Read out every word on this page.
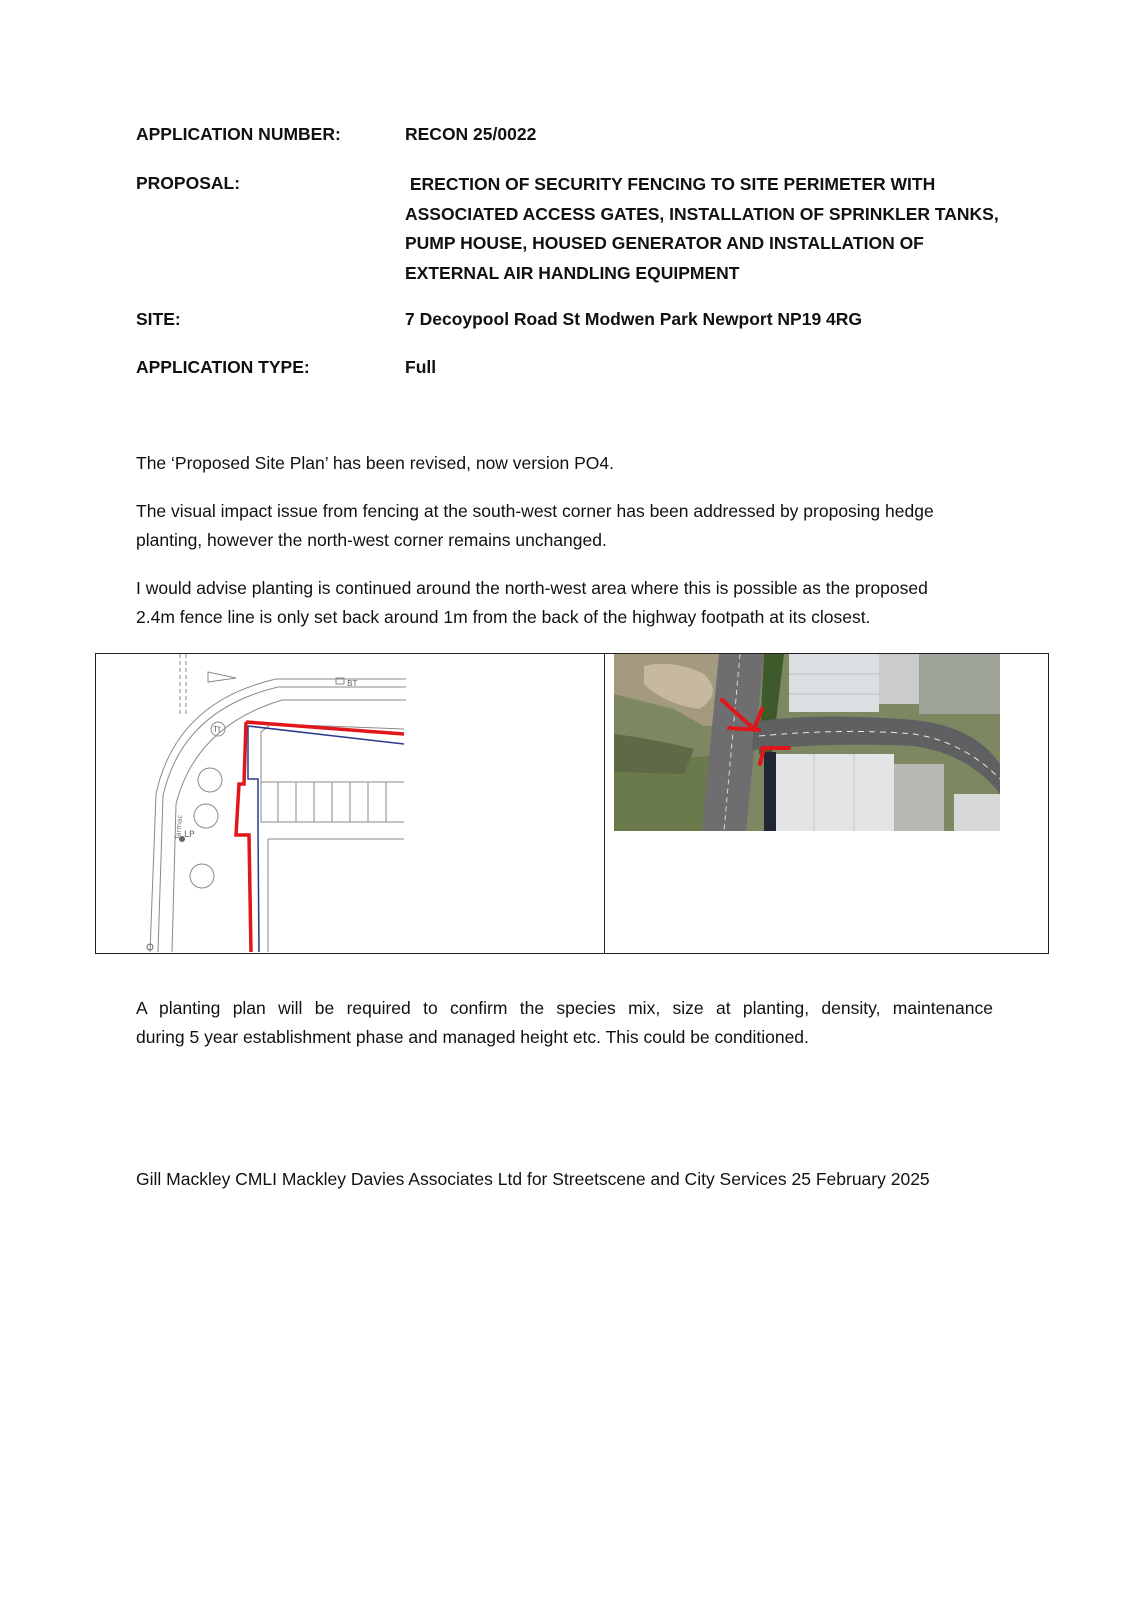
APPLICATION NUMBER:	RECON 25/0022
PROPOSAL:	ERECTION OF SECURITY FENCING TO SITE PERIMETER WITH
ASSOCIATED ACCESS GATES, INSTALLATION OF SPRINKLER TANKS,
PUMP HOUSE, HOUSED GENERATOR AND INSTALLATION OF
EXTERNAL AIR HANDLING EQUIPMENT
SITE:	7 Decoypool Road St Modwen Park Newport NP19 4RG
APPLICATION TYPE:	Full
The ‘Proposed Site Plan’ has been revised, now version PO4.
The visual impact issue from fencing at the south-west corner has been addressed by proposing hedge
planting, however the north-west corner remains unchanged.
I would advise planting is continued around the north-west area where this is possible as the proposed
2.4m fence line is only set back around 1m from the back of the highway footpath at its closest.
BT
Tt
LP
Tarmac
A planting plan will be required to confirm the species mix, size at planting, density, maintenance
during 5 year establishment phase and managed height etc. This could be conditioned.
Gill Mackley CMLI Mackley Davies Associates Ltd for Streetscene and City Services 25 February 2025
